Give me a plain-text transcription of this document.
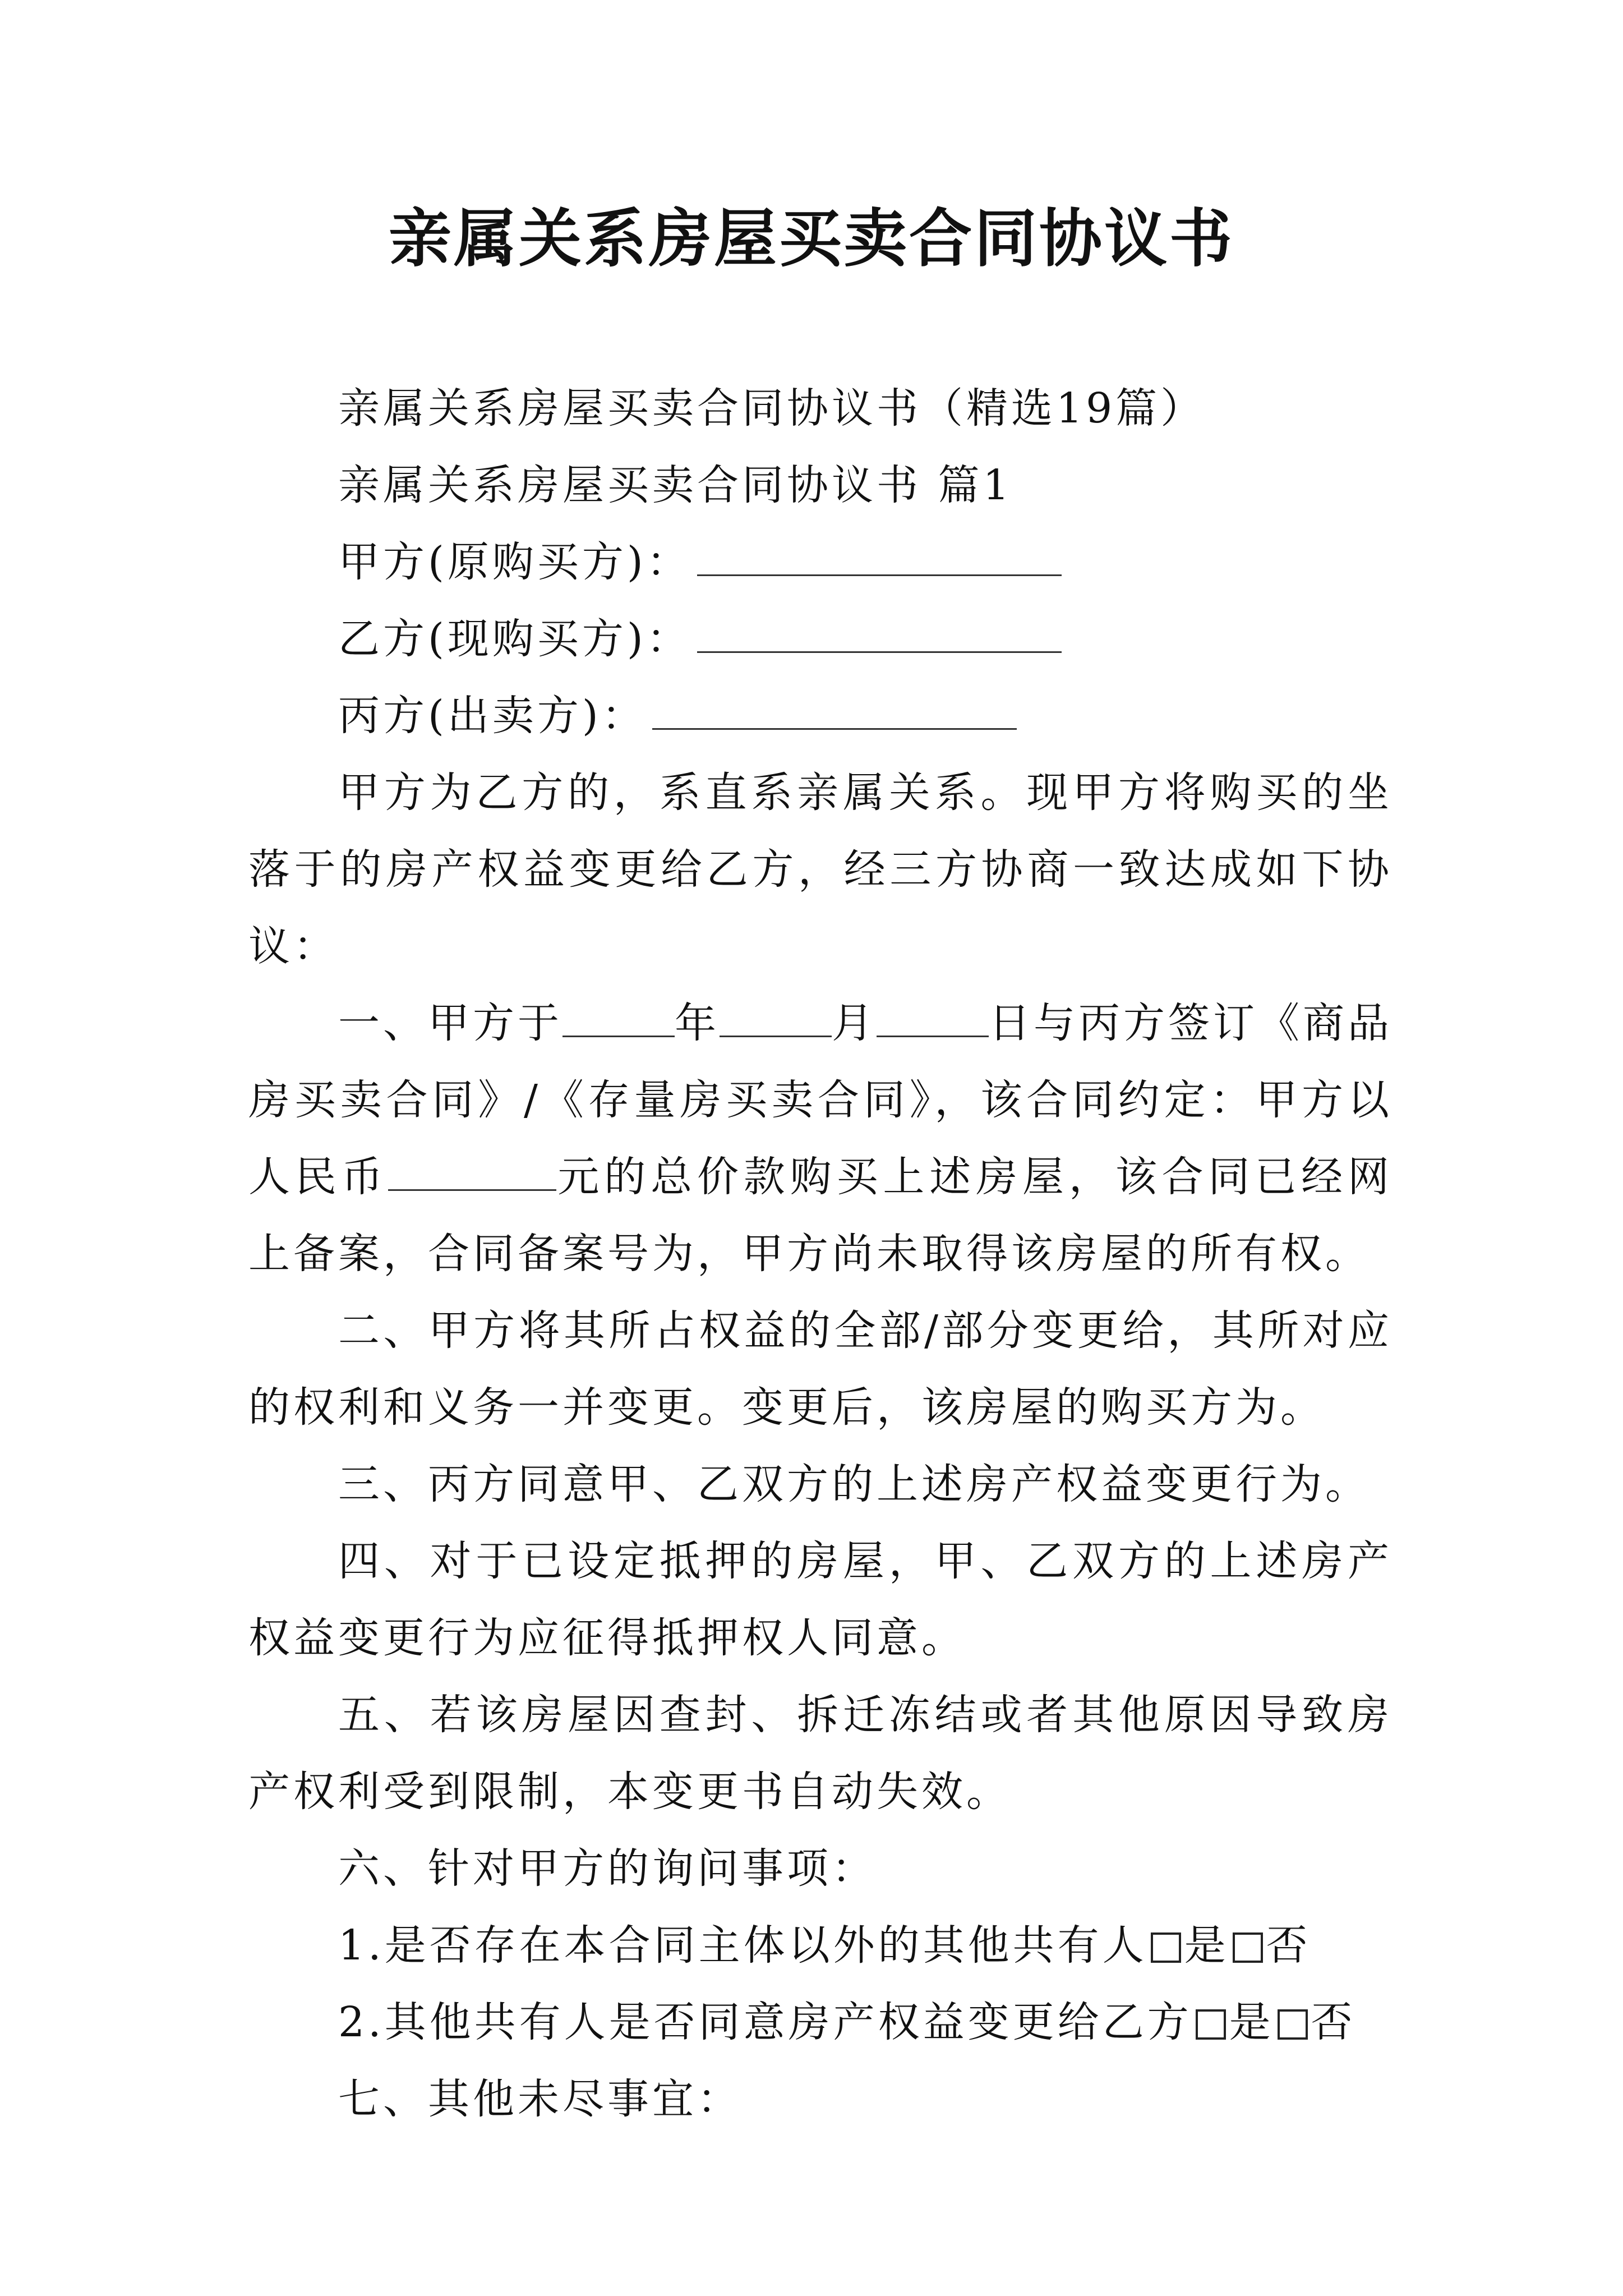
亲属关系房屋买卖合同协议书

亲属关系房屋买卖合同协议书（精选19篇）

亲属关系房屋买卖合同协议书 篇1

甲方(原购买方)：

乙方(现购买方)：

丙方(出卖方)：

甲方为乙方的，系直系亲属关系。现甲方将购买的坐落于的房产权益变更给乙方，经三方协商一致达成如下协议：

一、甲方于	年	月	日与丙方签订《商品房买卖合同》/《存量房买卖合同》，该合同约定：甲方以人民币	元的总价款购买上述房屋，该合同已经网上备案，合同备案号为，甲方尚未取得该房屋的所有权。

二、甲方将其所占权益的全部/部分变更给，其所对应的权利和义务一并变更。变更后，该房屋的购买方为。

三、丙方同意甲、乙双方的上述房产权益变更行为。

四、对于已设定抵押的房屋，甲、乙双方的上述房产权益变更行为应征得抵押权人同意。

五、若该房屋因查封、拆迁冻结或者其他原因导致房产权利受到限制，本变更书自动失效。

六、针对甲方的询问事项：

1.是否存在本合同主体以外的其他共有人 是 否

2.其他共有人是否同意房产权益变更给乙方 是 否

七、其他未尽事宜：
